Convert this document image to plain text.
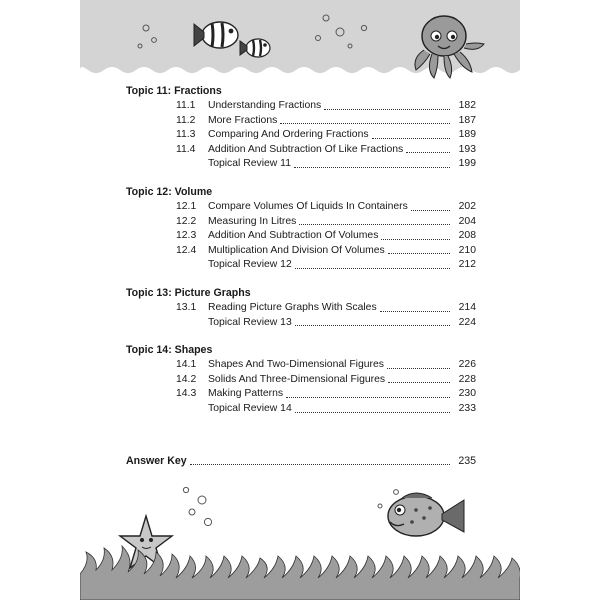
Topic 11: Fractions
11.1	Understanding Fractions	182
11.2	More Fractions	187
11.3	Comparing And Ordering Fractions	189
11.4	Addition And Subtraction Of Like Fractions	193
Topical Review 11	199
Topic 12: Volume
12.1	Compare Volumes Of Liquids In Containers	202
12.2	Measuring In Litres	204
12.3	Addition And Subtraction Of Volumes	208
12.4	Multiplication And Division Of Volumes	210
Topical Review 12	212
Topic 13: Picture Graphs
13.1	Reading Picture Graphs With Scales	214
Topical Review 13	224
Topic 14: Shapes
14.1	Shapes And Two-Dimensional Figures	226
14.2	Solids And Three-Dimensional Figures	228
14.3	Making Patterns	230
Topical Review 14	233
Answer Key	235
